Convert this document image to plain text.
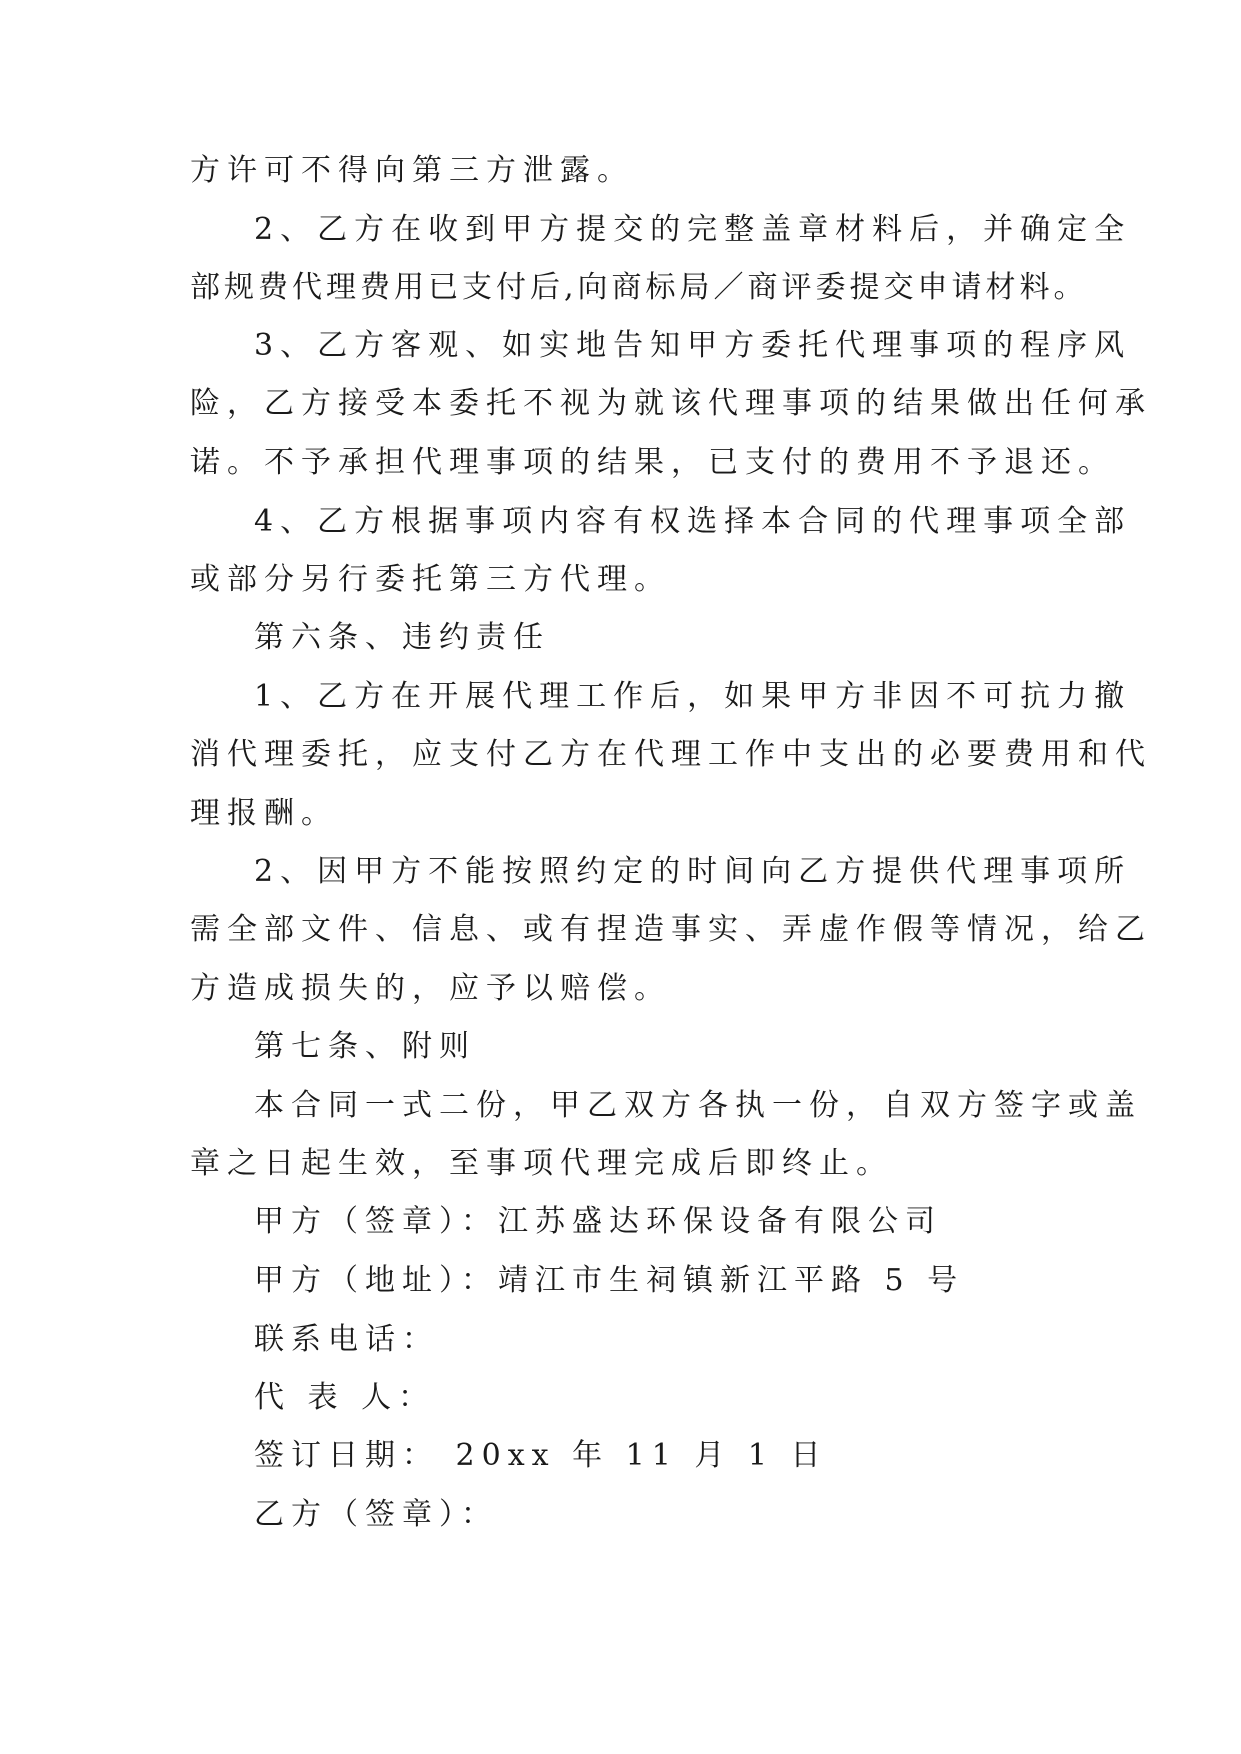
方许可不得向第三方泄露。
2、乙方在收到甲方提交的完整盖章材料后，并确定全
部规费代理费用已支付后,向商标局／商评委提交申请材料。
3、乙方客观、如实地告知甲方委托代理事项的程序风
险，乙方接受本委托不视为就该代理事项的结果做出任何承
诺。不予承担代理事项的结果，已支付的费用不予退还。
4、乙方根据事项内容有权选择本合同的代理事项全部
或部分另行委托第三方代理。
第六条、违约责任
1、乙方在开展代理工作后，如果甲方非因不可抗力撤
消代理委托，应支付乙方在代理工作中支出的必要费用和代
理报酬。
2、因甲方不能按照约定的时间向乙方提供代理事项所
需全部文件、信息、或有捏造事实、弄虚作假等情况，给乙
方造成损失的，应予以赔偿。
第七条、附则
本合同一式二份，甲乙双方各执一份，自双方签字或盖
章之日起生效，至事项代理完成后即终止。
甲方（签章）：江苏盛达环保设备有限公司
甲方（地址）：靖江市生祠镇新江平路 5 号
联系电话：
代 表 人：
签订日期： 20xx 年 11 月 1 日
乙方（签章）：
